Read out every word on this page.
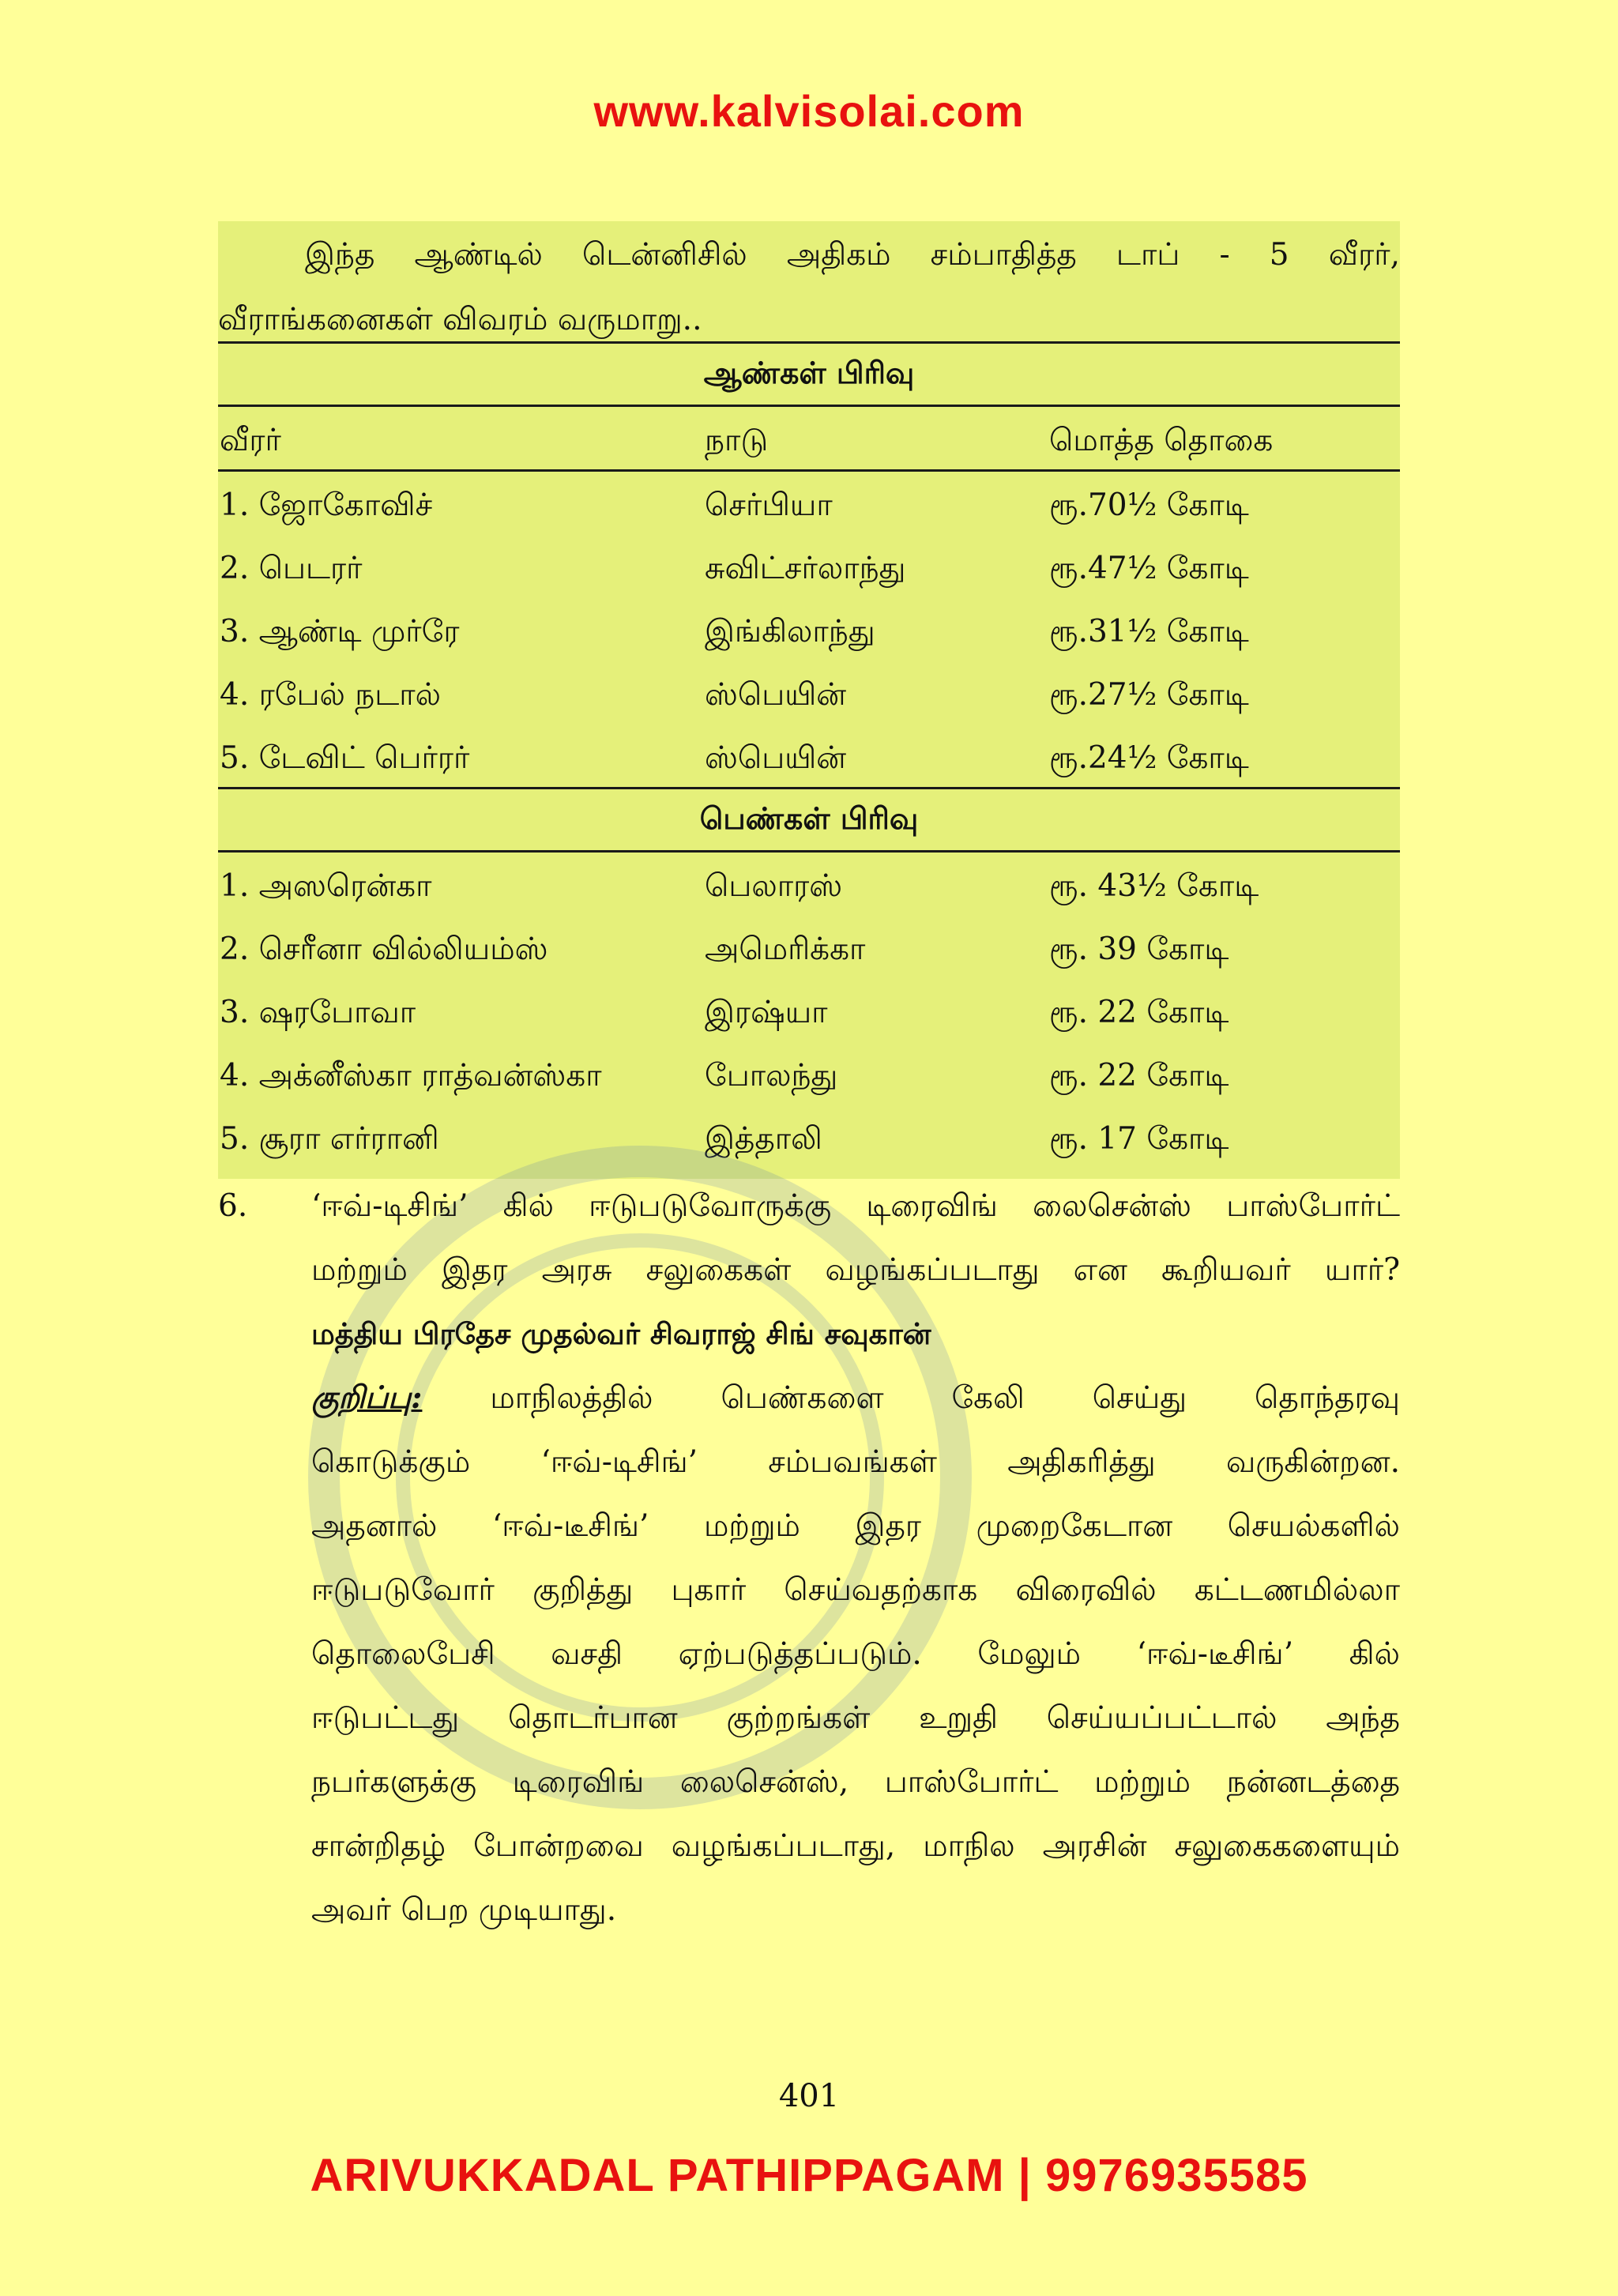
www.kalvisolai.com
இந்த ஆண்டில் டென்னிசில் அதிகம் சம்பாதித்த டாப் - 5 வீரர்,
வீராங்கனைகள் விவரம் வருமாறு..
ஆண்கள் பிரிவு
வீரர்	நாடு	மொத்த தொகை
1. ஜோகோவிச்	செர்பியா	ரூ.70½ கோடி
2. பெடரர்	சுவிட்சர்லாந்து	ரூ.47½ கோடி
3. ஆண்டி முர்ரே	இங்கிலாந்து	ரூ.31½ கோடி
4. ரபேல் நடால்	ஸ்பெயின்	ரூ.27½ கோடி
5. டேவிட் பெர்ரர்	ஸ்பெயின்	ரூ.24½ கோடி
பெண்கள் பிரிவு
1. அஸரென்கா	பெலாரஸ்	ரூ. 43½ கோடி
2. செரீனா வில்லியம்ஸ்	அமெரிக்கா	ரூ. 39 கோடி
3. ஷரபோவா	இரஷ்யா	ரூ. 22 கோடி
4. அக்னீஸ்கா ராத்வன்ஸ்கா	போலந்து	ரூ. 22 கோடி
5. சூரா எர்ரானி	இத்தாலி	ரூ. 17 கோடி
6. ‘ஈவ்-டிசிங்’ கில் ஈடுபடுவோருக்கு டிரைவிங் லைசென்ஸ் பாஸ்போர்ட்
மற்றும் இதர அரசு சலுகைகள் வழங்கப்படாது என கூறியவர் யார்?
மத்திய பிரதேச முதல்வர் சிவராஜ் சிங் சவுகான்
குறிப்பு: மாநிலத்தில் பெண்களை கேலி செய்து தொந்தரவு
கொடுக்கும் ‘ஈவ்-டிசிங்’ சம்பவங்கள் அதிகரித்து வருகின்றன.
அதனால் ‘ஈவ்-டீசிங்’ மற்றும் இதர முறைகேடான செயல்களில்
ஈடுபடுவோர் குறித்து புகார் செய்வதற்காக விரைவில் கட்டணமில்லா
தொலைபேசி வசதி ஏற்படுத்தப்படும். மேலும் ‘ஈவ்-டீசிங்’ கில்
ஈடுபட்டது தொடர்பான குற்றங்கள் உறுதி செய்யப்பட்டால் அந்த
நபர்களுக்கு டிரைவிங் லைசென்ஸ், பாஸ்போர்ட் மற்றும் நன்னடத்தை
சான்றிதழ் போன்றவை வழங்கப்படாது, மாநில அரசின் சலுகைகளையும்
அவர் பெற முடியாது.
401
ARIVUKKADAL PATHIPPAGAM | 9976935585
